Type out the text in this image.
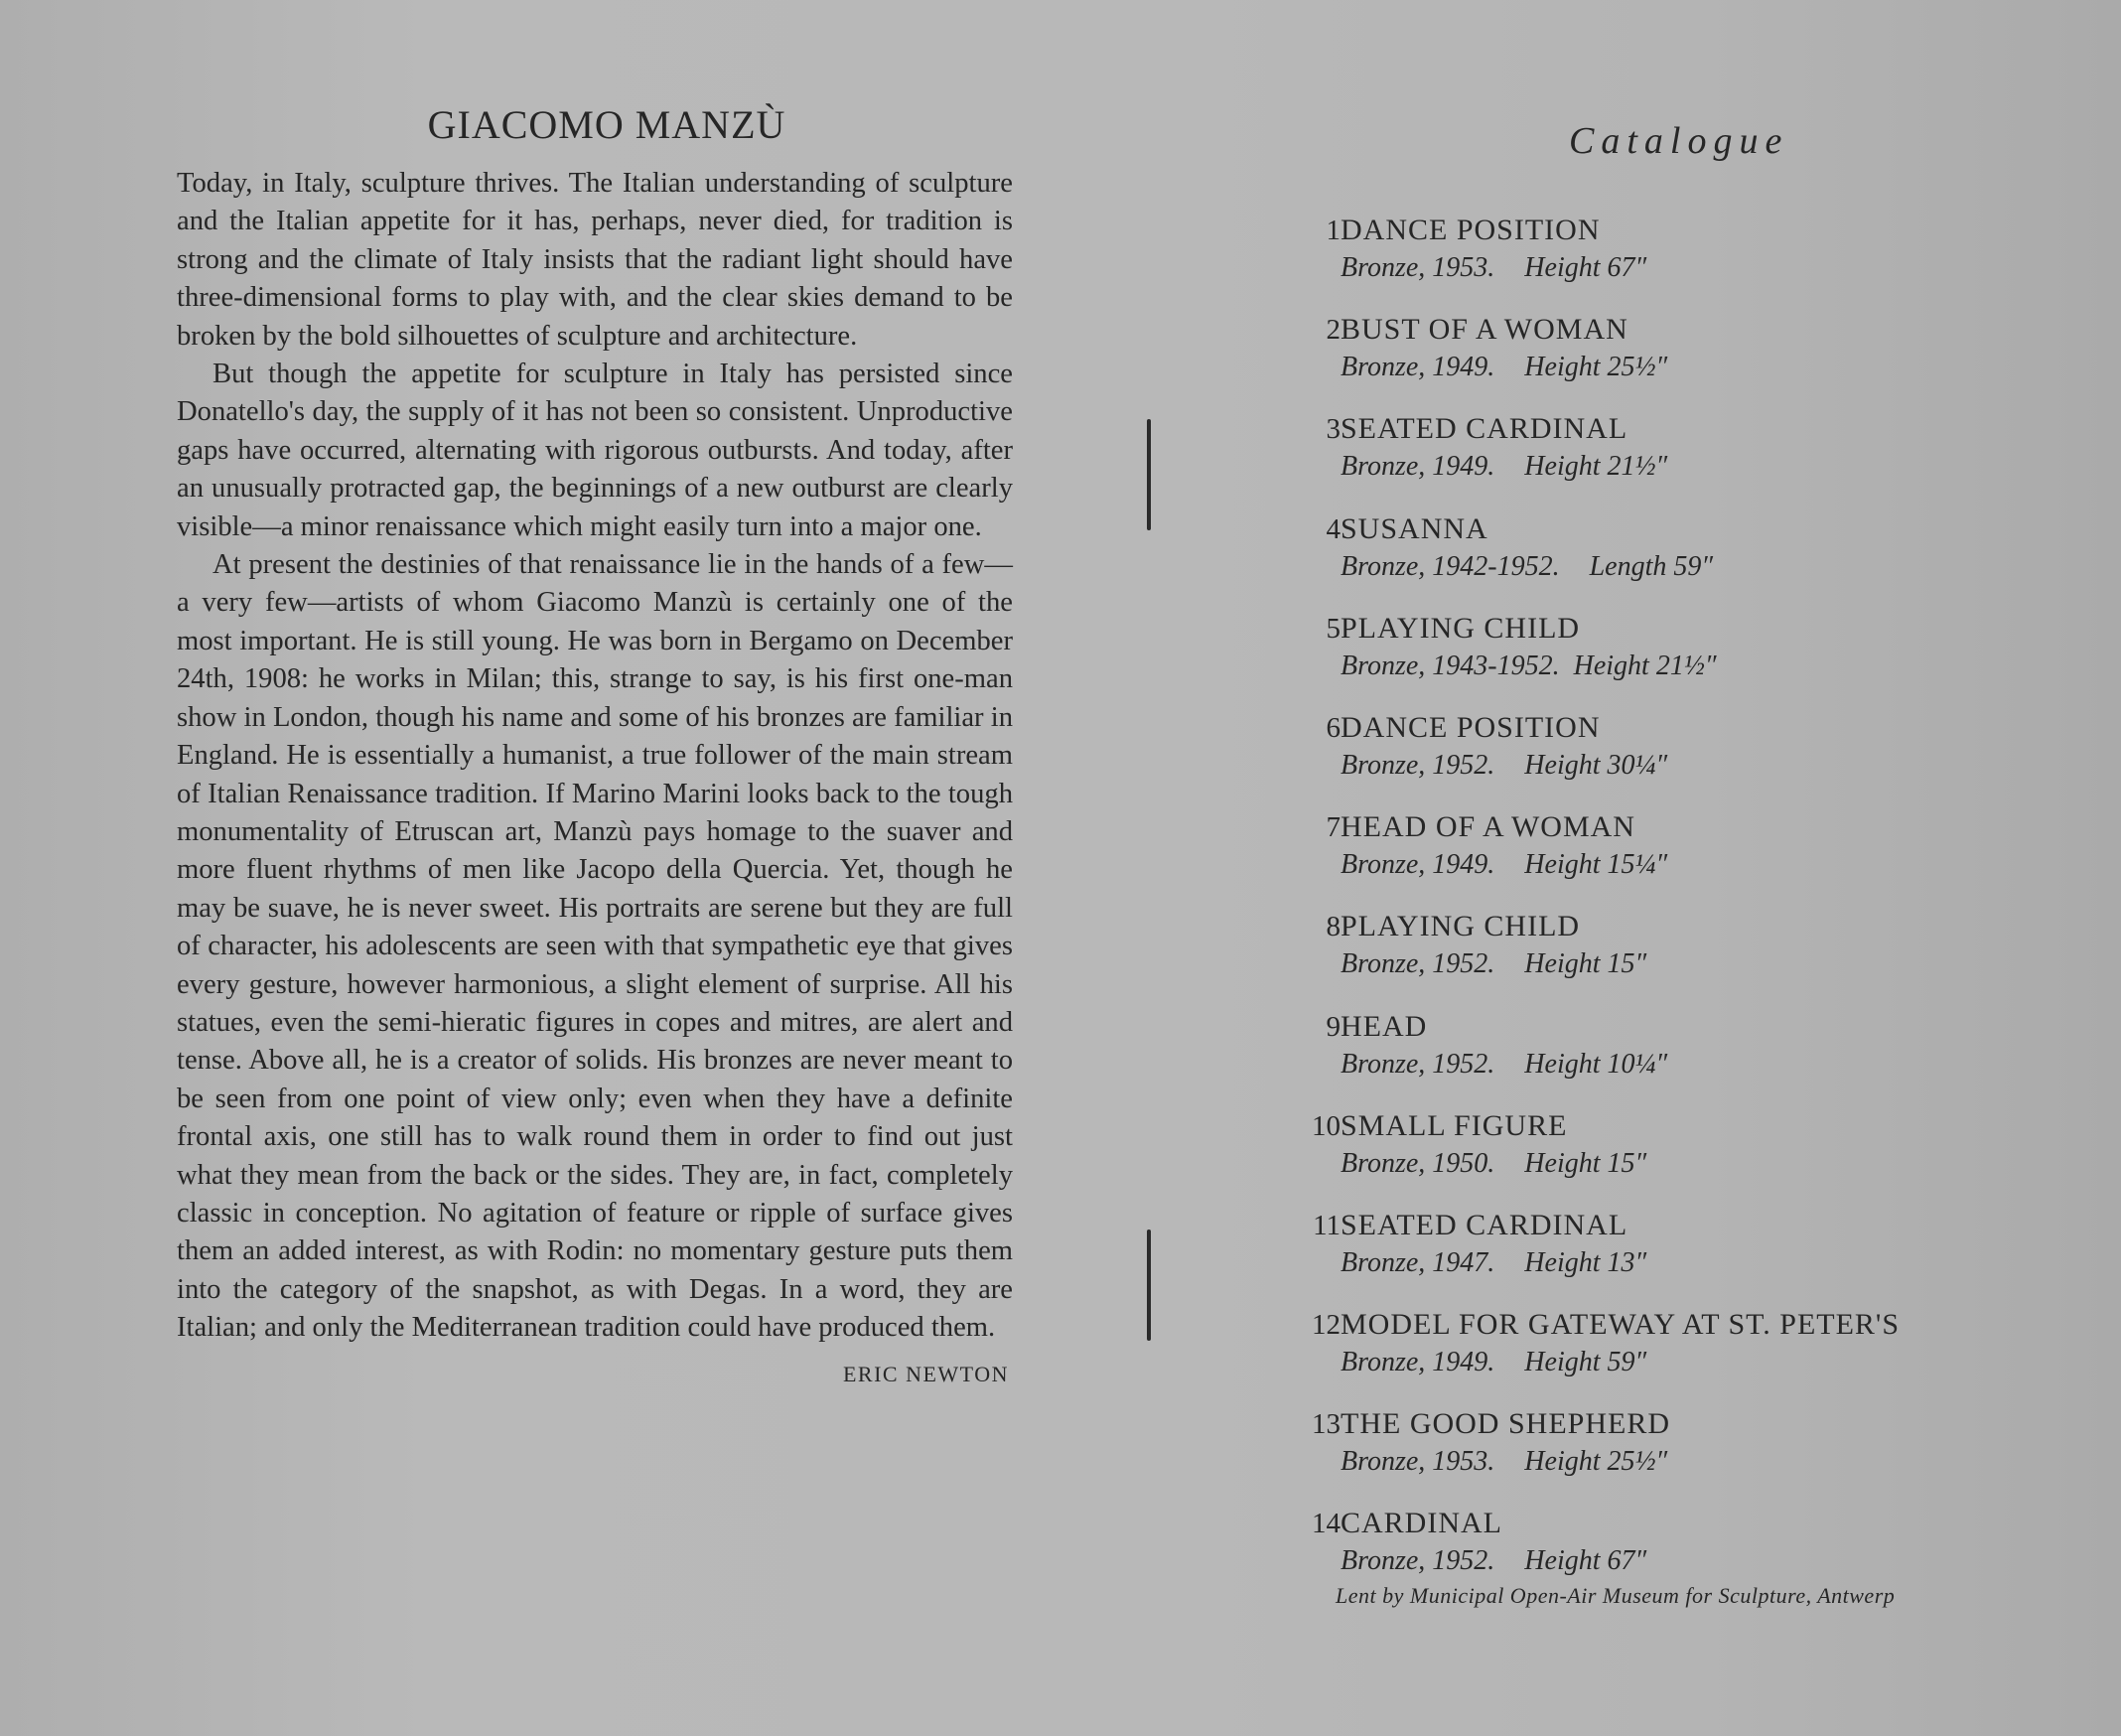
GIACOMO MANZÙ

Today, in Italy, sculpture thrives. The Italian understanding of sculpture and the Italian appetite for it has, perhaps, never died, for tradition is strong and the climate of Italy insists that the radiant light should have three-dimensional forms to play with, and the clear skies demand to be broken by the bold silhouettes of sculpture and architecture.

But though the appetite for sculpture in Italy has persisted since Donatello's day, the supply of it has not been so consistent. Unproductive gaps have occurred, alternating with rigorous outbursts. And today, after an unusually protracted gap, the beginnings of a new outburst are clearly visible—a minor renaissance which might easily turn into a major one.

At present the destinies of that renaissance lie in the hands of a few—a very few—artists of whom Giacomo Manzù is certainly one of the most important. He is still young. He was born in Bergamo on December 24th, 1908: he works in Milan; this, strange to say, is his first one-man show in London, though his name and some of his bronzes are familiar in England. He is essentially a humanist, a true follower of the main stream of Italian Renaissance tradition. If Marino Marini looks back to the tough monumentality of Etruscan art, Manzù pays homage to the suaver and more fluent rhythms of men like Jacopo della Quercia. Yet, though he may be suave, he is never sweet. His portraits are serene but they are full of character, his adolescents are seen with that sympathetic eye that gives every gesture, however harmonious, a slight element of surprise. All his statues, even the semi-hieratic figures in copes and mitres, are alert and tense. Above all, he is a creator of solids. His bronzes are never meant to be seen from one point of view only; even when they have a definite frontal axis, one still has to walk round them in order to find out just what they mean from the back or the sides. They are, in fact, completely classic in conception. No agitation of feature or ripple of surface gives them an added interest, as with Rodin: no momentary gesture puts them into the category of the snapshot, as with Degas. In a word, they are Italian; and only the Mediterranean tradition could have produced them.

ERIC NEWTON
Catalogue
1 DANCE POSITION
Bronze, 1953. Height 67″
2 BUST OF A WOMAN
Bronze, 1949. Height 25½″
3 SEATED CARDINAL
Bronze, 1949. Height 21½″
4 SUSANNA
Bronze, 1942-1952. Length 59″
5 PLAYING CHILD
Bronze, 1943-1952. Height 21½″
6 DANCE POSITION
Bronze, 1952. Height 30¼″
7 HEAD OF A WOMAN
Bronze, 1949. Height 15¼″
8 PLAYING CHILD
Bronze, 1952. Height 15″
9 HEAD
Bronze, 1952. Height 10¼″
10 SMALL FIGURE
Bronze, 1950. Height 15″
11 SEATED CARDINAL
Bronze, 1947. Height 13″
12 MODEL FOR GATEWAY AT ST. PETER'S
Bronze, 1949. Height 59″
13 THE GOOD SHEPHERD
Bronze, 1953. Height 25½″
14 CARDINAL
Bronze, 1952. Height 67″
Lent by Municipal Open-Air Museum for Sculpture, Antwerp
